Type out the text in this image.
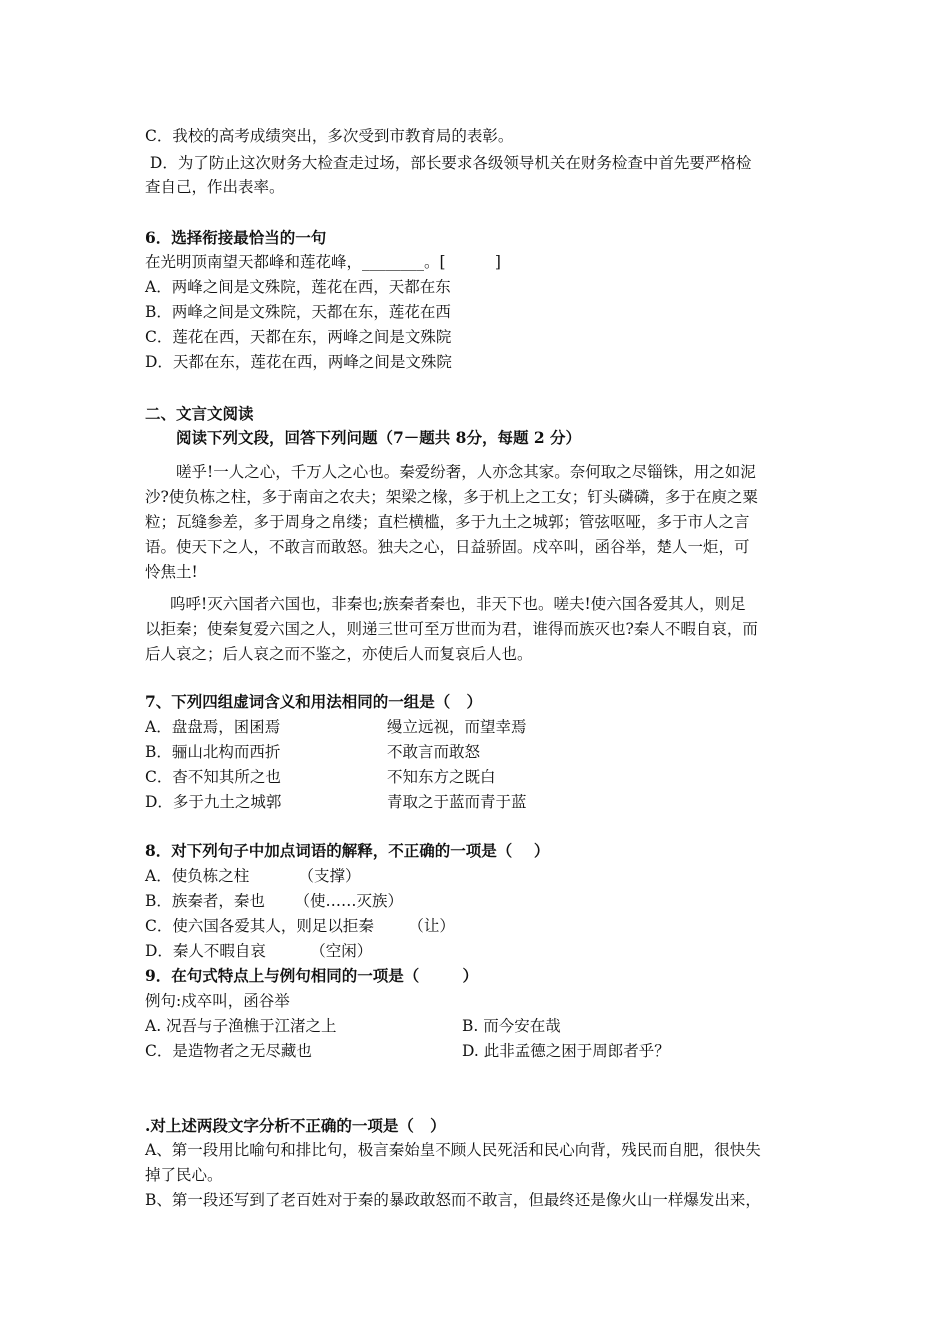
C．我校的高考成绩突出，多次受到市教育局的表彰。
D．为了防止这次财务大检查走过场，部长要求各级领导机关在财务检查中首先要严格检
查自己，作出表率。
6．选择衔接最恰当的一句
在光明顶南望天都峰和莲花峰，________。[          ]
A．两峰之间是文殊院，莲花在西，天都在东
B．两峰之间是文殊院，天都在东，莲花在西
C．莲花在西，天都在东，两峰之间是文殊院
D．天都在东，莲花在西，两峰之间是文殊院
二、文言文阅读
阅读下列文段，回答下列问题（7－题共 8分，每题 2 分）
嗟乎!一人之心，千万人之心也。秦爱纷奢，人亦念其家。奈何取之尽锱铢，用之如泥
沙?使负栋之柱，多于南亩之农夫；架梁之椽，多于机上之工女；钉头磷磷，多于在庾之粟
粒；瓦缝参差，多于周身之帛缕；直栏横槛，多于九土之城郭；管弦呕哑，多于市人之言
语。使天下之人，不敢言而敢怒。独夫之心，日益骄固。戍卒叫，函谷举，楚人一炬，可
怜焦土!
呜呼!灭六国者六国也，非秦也;族秦者秦也，非天下也。嗟夫!使六国各爱其人，则足
以拒秦；使秦复爱六国之人，则递三世可至万世而为君，谁得而族灭也?秦人不暇自哀，而
后人哀之；后人哀之而不鉴之，亦使后人而复哀后人也。
7、下列四组虚词含义和用法相同的一组是（   ）
A．盘盘焉，囷囷焉	缦立远视，而望幸焉
B．骊山北构而西折	不敢言而敢怒
C．杳不知其所之也	不知东方之既白
D．多于九土之城郭	青取之于蓝而青于蓝
8．对下列句子中加点词语的解释，不正确的一项是（    ）
A．使负栋之柱          （支撑）
B．族秦者，秦也      （使……灭族）
C．使六国各爱其人，则足以拒秦       （让）
D．秦人不暇自哀         （空闲）
9．在句式特点上与例句相同的一项是（        ）
例句:戍卒叫，函谷举
A. 况吾与子渔樵于江渚之上	B. 而今安在哉
C．是造物者之无尽藏也	D. 此非孟德之困于周郎者乎？
.对上述两段文字分析不正确的一项是（   ）
A、第一段用比喻句和排比句，极言秦始皇不顾人民死活和民心向背，残民而自肥，很快失
掉了民心。
B、第一段还写到了老百姓对于秦的暴政敢怒而不敢言，但最终还是像火山一样爆发出来，
